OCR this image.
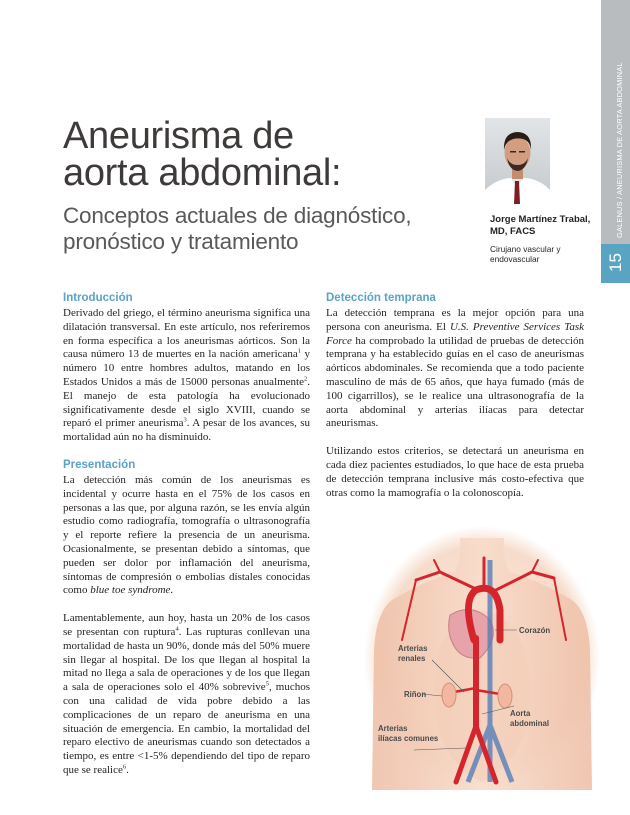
GALENUS / ANEURISMA DE AORTA ABDOMINAL
15
Aneurisma de
aorta abdominal:
Conceptos actuales de diagnóstico,
pronóstico y tratamiento
Jorge Martínez Trabal,
MD, FACS
Cirujano vascular y
endovascular
Introducción

Derivado del griego, el término aneurisma significa una dilatación transversal. En este artículo, nos referiremos en forma específica a los aneurismas aórticos. Son la causa número 13 de muertes en la nación americana$^1$ y número 10 entre hombres adultos, matando en los Estados Unidos a más de 15000 personas anualmente$^2$. El manejo de esta patología ha evolucionado significativamente desde el siglo XVIII, cuando se reparó el primer aneurisma$^3$. A pesar de los avances, su mortalidad aún no ha disminuido.

Presentación

La detección más común de los aneurismas es incidental y ocurre hasta en el 75% de los casos en personas a las que, por alguna razón, se les envía algún estudio como radiografía, tomografía o ultrasonografía y el reporte refiere la presencia de un aneurisma. Ocasionalmente, se presentan debido a síntomas, que pueden ser dolor por inflamación del aneurisma, síntomas de compresión o embolias dístales conocidas como blue toe syndrome.

Lamentablemente, aun hoy, hasta un 20% de los casos se presentan con ruptura$^4$. Las rupturas conllevan una mortalidad de hasta un 90%, donde más del 50% muere sin llegar al hospital. De los que llegan al hospital la mitad no llega a sala de operaciones y de los que llegan a sala de operaciones solo el 40% sobrevive$^5$, muchos con una calidad de vida pobre debido a las complicaciones de un reparo de aneurisma en una situación de emergencia. En cambio, la mortalidad del reparo electivo de aneurismas cuando son detectados a tiempo, es entre <1-5% dependiendo del tipo de reparo que se realice$^6$.

Detección temprana

La detección temprana es la mejor opción para una persona con aneurisma. El U.S. Preventive Services Task Force ha comprobado la utilidad de pruebas de detección temprana y ha establecido guías en el caso de aneurismas aórticos abdominales. Se recomienda que a todo paciente masculino de más de 65 años, que haya fumado (más de 100 cigarrillos), se le realice una ultrasonografía de la aorta abdominal y arterias ilíacas para detectar aneurismas.

Utilizando estos criterios, se detectará un aneurisma en cada diez pacientes estudiados, lo que hace de esta prueba de detección temprana inclusive más costo-efectiva que otras como la mamografía o la colonoscopía.

Corazón
Arterias
renales
Riñon
Aorta
abdominal
Arterias
ilíacas comunes
